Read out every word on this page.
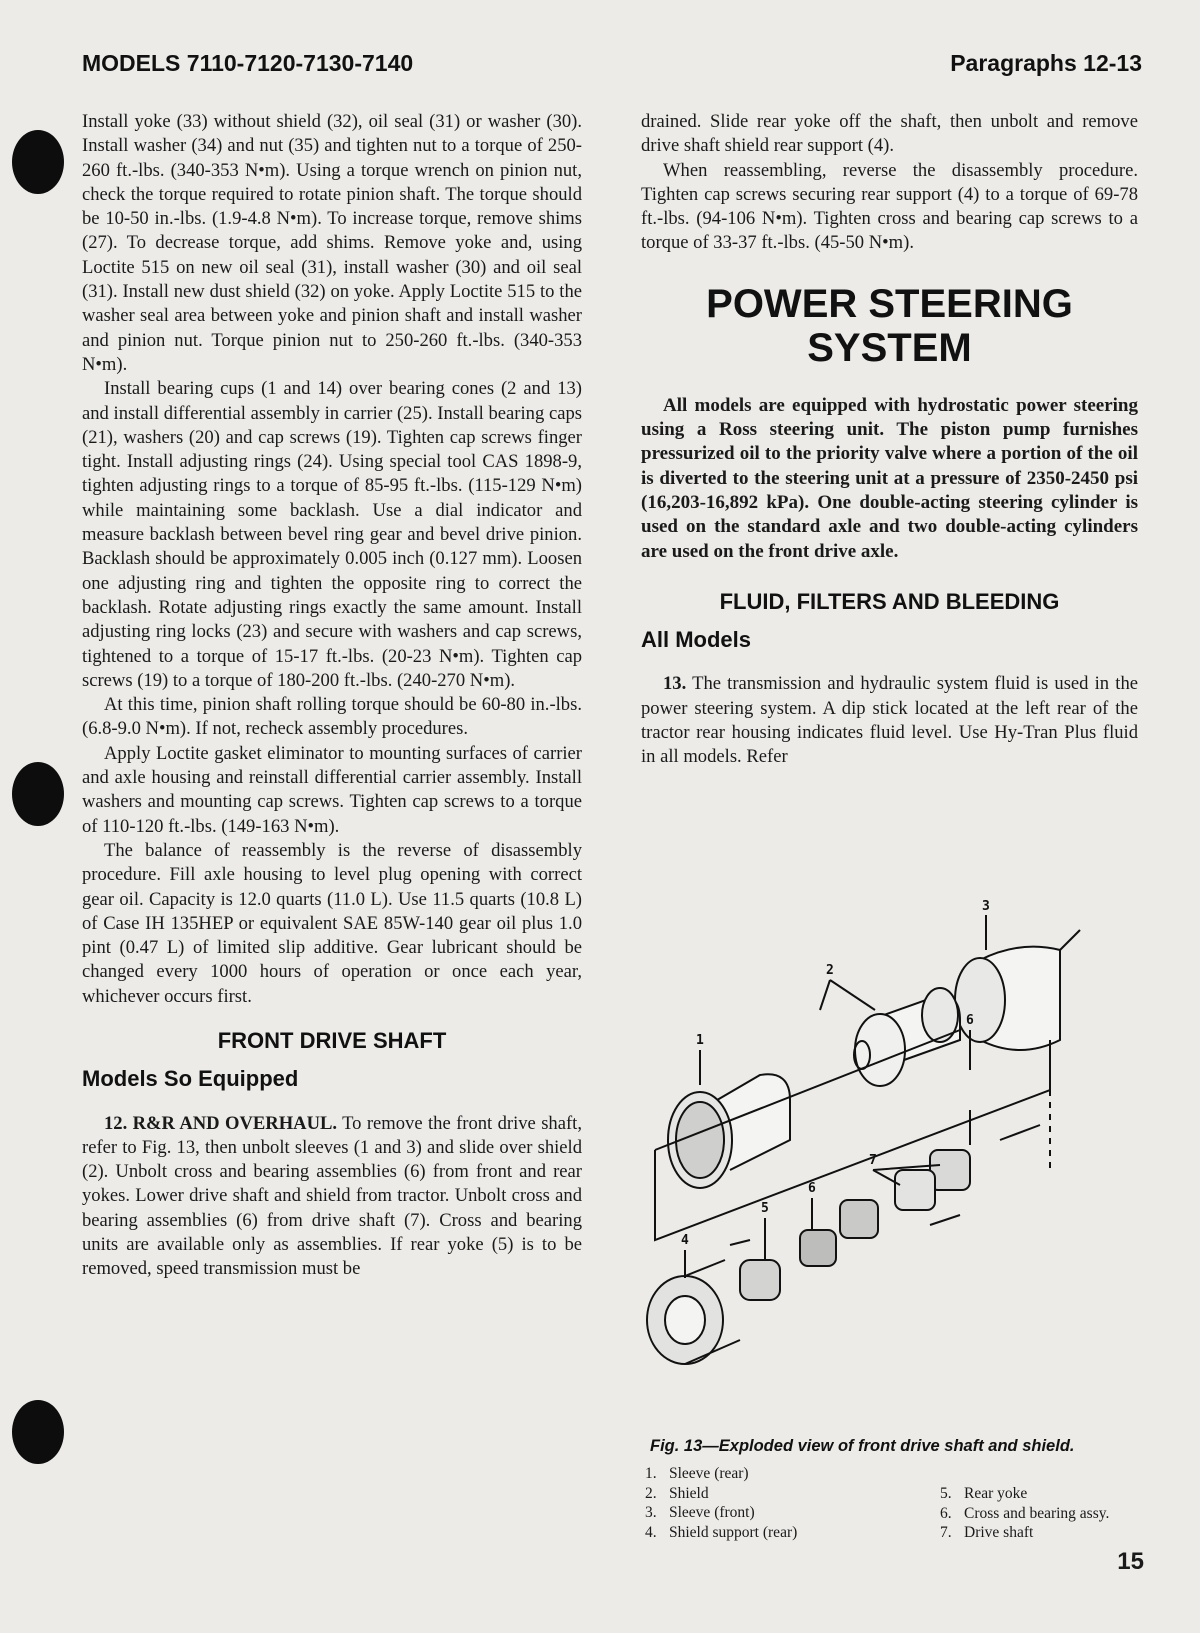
MODELS 7110-7120-7130-7140	Paragraphs 12-13

Install yoke (33) without shield (32), oil seal (31) or washer (30). Install washer (34) and nut (35) and tighten nut to a torque of 250-260 ft.-lbs. (340-353 N•m). Using a torque wrench on pinion nut, check the torque required to rotate pinion shaft. The torque should be 10-50 in.-lbs. (1.9-4.8 N•m). To increase torque, remove shims (27). To decrease torque, add shims. Remove yoke and, using Loctite 515 on new oil seal (31), install washer (30) and oil seal (31). Install new dust shield (32) on yoke. Apply Loctite 515 to the washer seal area between yoke and pinion shaft and install washer and pinion nut. Torque pinion nut to 250-260 ft.-lbs. (340-353 N•m).

Install bearing cups (1 and 14) over bearing cones (2 and 13) and install differential assembly in carrier (25). Install bearing caps (21), washers (20) and cap screws (19). Tighten cap screws finger tight. Install adjusting rings (24). Using special tool CAS 1898-9, tighten adjusting rings to a torque of 85-95 ft.-lbs. (115-129 N•m) while maintaining some backlash. Use a dial indicator and measure backlash between bevel ring gear and bevel drive pinion. Backlash should be approximately 0.005 inch (0.127 mm). Loosen one adjusting ring and tighten the opposite ring to correct the backlash. Rotate adjusting rings exactly the same amount. Install adjusting ring locks (23) and secure with washers and cap screws, tightened to a torque of 15-17 ft.-lbs. (20-23 N•m). Tighten cap screws (19) to a torque of 180-200 ft.-lbs. (240-270 N•m).

At this time, pinion shaft rolling torque should be 60-80 in.-lbs. (6.8-9.0 N•m). If not, recheck assembly procedures.

Apply Loctite gasket eliminator to mounting surfaces of carrier and axle housing and reinstall differential carrier assembly. Install washers and mounting cap screws. Tighten cap screws to a torque of 110-120 ft.-lbs. (149-163 N•m).

The balance of reassembly is the reverse of disassembly procedure. Fill axle housing to level plug opening with correct gear oil. Capacity is 12.0 quarts (11.0 L). Use 11.5 quarts (10.8 L) of Case IH 135HEP or equivalent SAE 85W-140 gear oil plus 1.0 pint (0.47 L) of limited slip additive. Gear lubricant should be changed every 1000 hours of operation or once each year, whichever occurs first.

FRONT DRIVE SHAFT
Models So Equipped

12. R&R AND OVERHAUL. To remove the front drive shaft, refer to Fig. 13, then unbolt sleeves (1 and 3) and slide over shield (2). Unbolt cross and bearing assemblies (6) from front and rear yokes. Lower drive shaft and shield from tractor. Unbolt cross and bearing assemblies (6) from drive shaft (7). Cross and bearing units are available only as assemblies. If rear yoke (5) is to be removed, speed transmission must be

drained. Slide rear yoke off the shaft, then unbolt and remove drive shaft shield rear support (4).

When reassembling, reverse the disassembly procedure. Tighten cap screws securing rear support (4) to a torque of 69-78 ft.-lbs. (94-106 N•m). Tighten cross and bearing cap screws to a torque of 33-37 ft.-lbs. (45-50 N•m).

POWER STEERING
SYSTEM

All models are equipped with hydrostatic power steering using a Ross steering unit. The piston pump furnishes pressurized oil to the priority valve where a portion of the oil is diverted to the steering unit at a pressure of 2350-2450 psi (16,203-16,892 kPa). One double-acting steering cylinder is used on the standard axle and two double-acting cylinders are used on the front drive axle.

FLUID, FILTERS AND BLEEDING
All Models

13. The transmission and hydraulic system fluid is used in the power steering system. A dip stick located at the left rear of the tractor rear housing indicates fluid level. Use Hy-Tran Plus fluid in all models. Refer

1
2
3
4
5
6
6
7
Fig. 13—Exploded view of front drive shaft and shield.
1. Sleeve (rear)
2. Shield
3. Sleeve (front)
4. Shield support (rear)
5. Rear yoke
6. Cross and bearing assy.
7. Drive shaft
15
